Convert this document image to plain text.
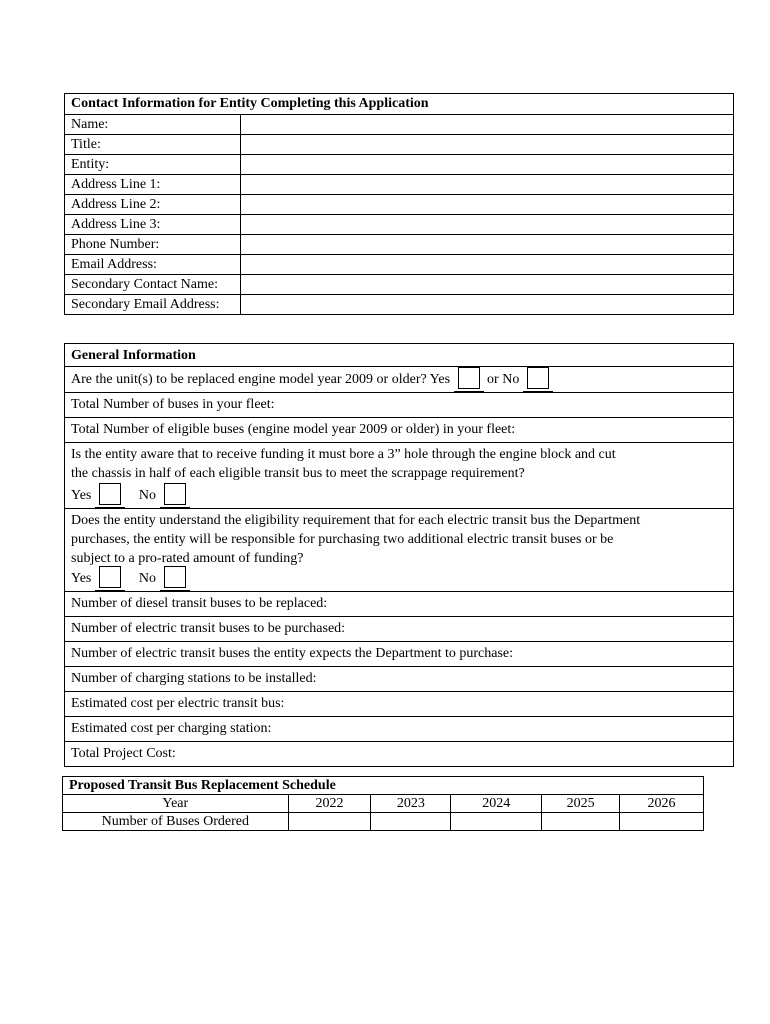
Contact Information for Entity Completing this Application	
Name:	
Title:	
Entity:	
Address Line 1:	
Address Line 2:	
Address Line 3:	
Phone Number:	
Email Address:	
Secondary Contact Name:	
Secondary Email Address:	
General Information
Are the unit(s) to be replaced engine model year 2009 or older? Yes	or No
Total Number of buses in your fleet:
Total Number of eligible buses (engine model year 2009 or older) in your fleet:

Is the entity aware that to receive funding it must bore a 3” hole through the engine block and cut
the chassis in half of each eligible transit bus to meet the scrappage requirement?
Yes	No

Does the entity understand the eligibility requirement that for each electric transit bus the Department
purchases, the entity will be responsible for purchasing two additional electric transit buses or be
subject to a pro-rated amount of funding?
Yes	No

Number of diesel transit buses to be replaced:
Number of electric transit buses to be purchased:
Number of electric transit buses the entity expects the Department to purchase:
Number of charging stations to be installed:
Estimated cost per electric transit bus:
Estimated cost per charging station:
Total Project Cost:
Proposed Transit Bus Replacement Schedule					
Year	2022	2023	2024	2025	2026
Number of Buses Ordered					
